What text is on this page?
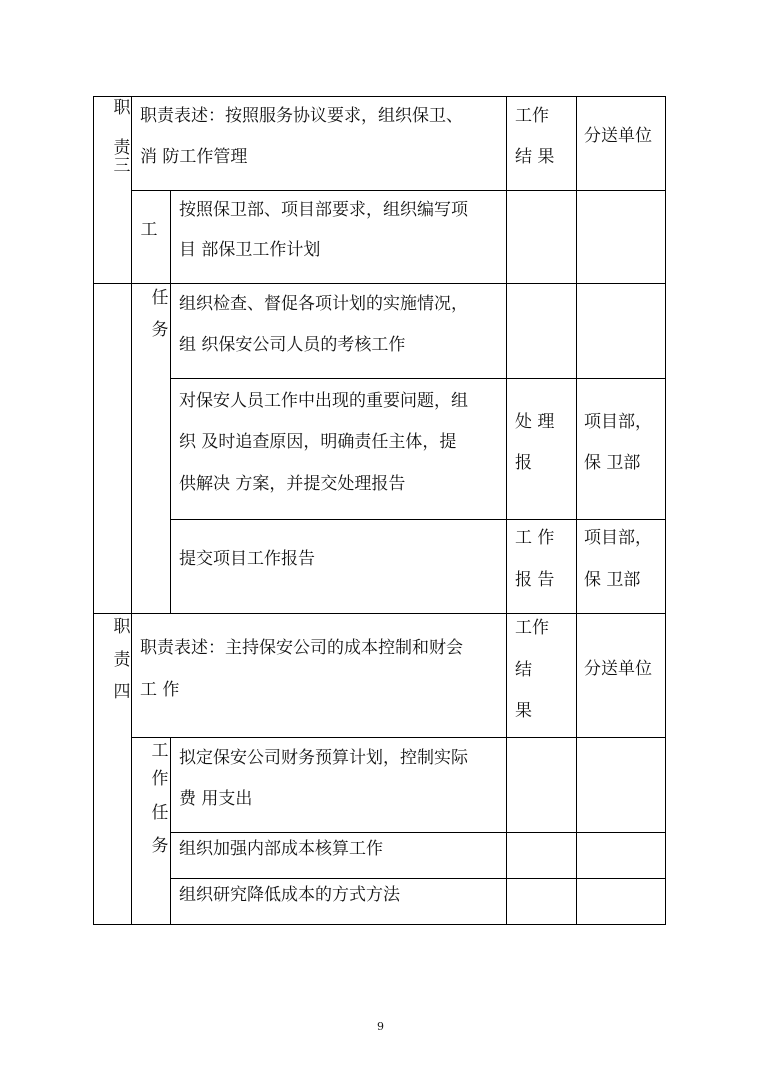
职
责
三
职责表述：按照服务协议要求，组织保卫、
消 防工作管理
工作
结 果
分送单位
工
任
务
按照保卫部、项目部要求，组织编写项
目 部保卫工作计划
组织检查、督促各项计划的实施情况，
组 织保安公司人员的考核工作
对保安人员工作中出现的重要问题，组
织 及时追查原因，明确责任主体，提
供解决 方案，并提交处理报告
处 理
报
项目部，
保 卫部
提交项目工作报告
工 作
报 告
项目部，
保 卫部
职
责
四
职责表述：主持保安公司的成本控制和财会
工 作
工作
结
果
分送单位
工
作
任
务
拟定保安公司财务预算计划，控制实际
费 用支出
组织加强内部成本核算工作
组织研究降低成本的方式方法
9
